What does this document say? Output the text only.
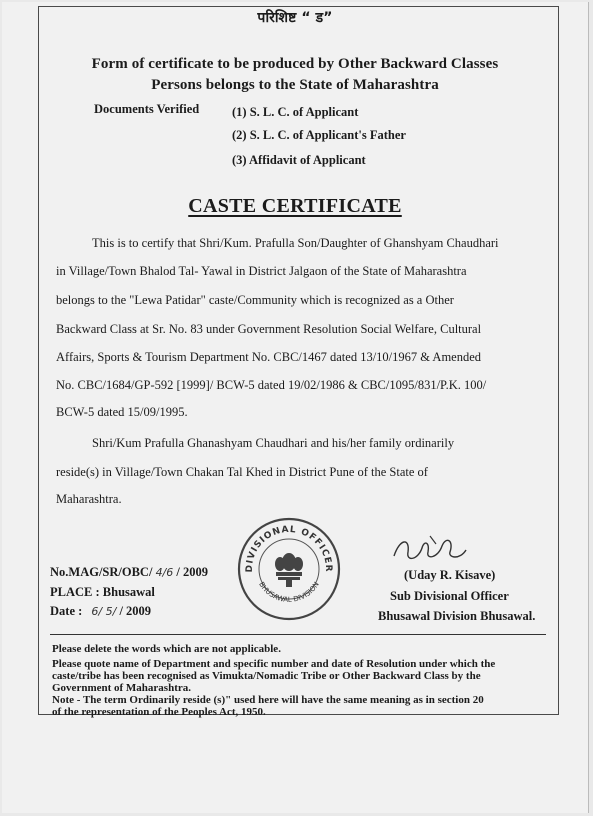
परिशिष्ट “ ड”
Form of certificate to be produced by Other Backward Classes
Persons belongs to the State of Maharashtra
Documents Verified	(1) S. L. C. of Applicant
(2) S. L. C. of Applicant's Father
(3) Affidavit of Applicant
CASTE CERTIFICATE
This is to certify that Shri/Kum. Prafulla Son/Daughter of Ghanshyam Chaudhari
in Village/Town Bhalod Tal- Yawal in District Jalgaon of the State of Maharashtra
belongs to the "Lewa Patidar" caste/Community which is recognized as a Other
Backward Class at Sr. No. 83 under Government Resolution Social Welfare, Cultural
Affairs, Sports & Tourism Department No. CBC/1467 dated 13/10/1967 & Amended
No. CBC/1684/GP-592 [1999]/ BCW-5 dated 19/02/1986 & CBC/1095/831/P.K. 100/
BCW-5 dated 15/09/1995.
Shri/Kum Prafulla Ghanashyam Chaudhari and his/her family ordinarily
reside(s) in Village/Town Chakan Tal Khed in District Pune of the State of
Maharashtra.
DIVISIONAL OFFICER
BHUSAWAL DIVISION
No.MAG/SR/OBC/ 4/6 / 2009
PLACE : Bhusawal
Date : 6/ 5/ / 2009
(Uday R. Kisave)
Sub Divisional Officer
Bhusawal Division Bhusawal.
Please delete the words which are not applicable.
Please quote name of Department and specific number and date of Resolution under which the
caste/tribe has been recognised as Vimukta/Nomadic Tribe or Other Backward Class by the
Government of Maharashtra.
Note - The term Ordinarily reside (s)" used here will have the same meaning as in section 20
of the representation of the Peoples Act, 1950.
